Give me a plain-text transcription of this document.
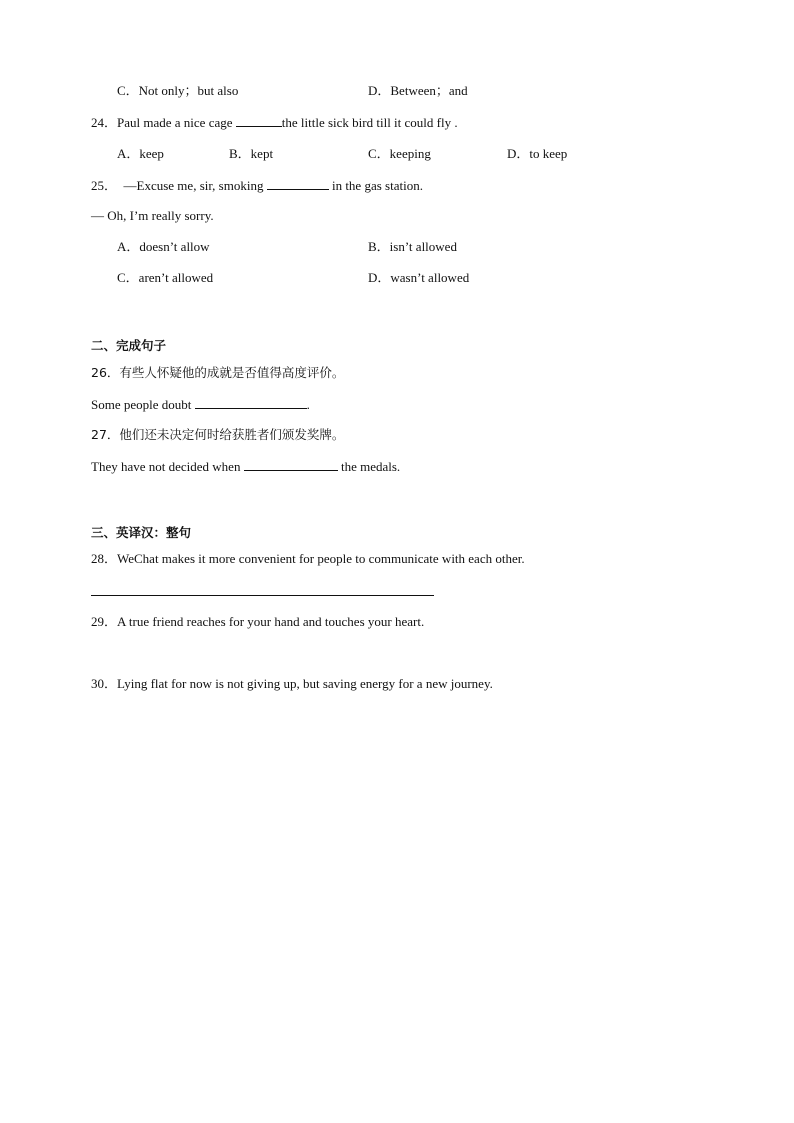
C．Not only；but also	D．Between；and
24．Paul made a nice cage	the little sick bird till it could fly .
A．keep	B．kept	C．keeping	D．to keep
25． —Excuse me, sir, smoking	in the gas station.
— Oh, I’m really sorry.
A．doesn’t allow	B．isn’t allowed
C．aren’t allowed	D．wasn’t allowed
二、完成句子
26．有些人怀疑他的成就是否值得高度评价。
Some people doubt	.
27．他们还未决定何时给获胜者们颁发奖牌。
They have not decided when	the medals.
三、英译汉：整句
28．WeChat makes it more convenient for people to communicate with each other.
29．A true friend reaches for your hand and touches your heart.
30．Lying flat for now is not giving up, but saving energy for a new journey.
